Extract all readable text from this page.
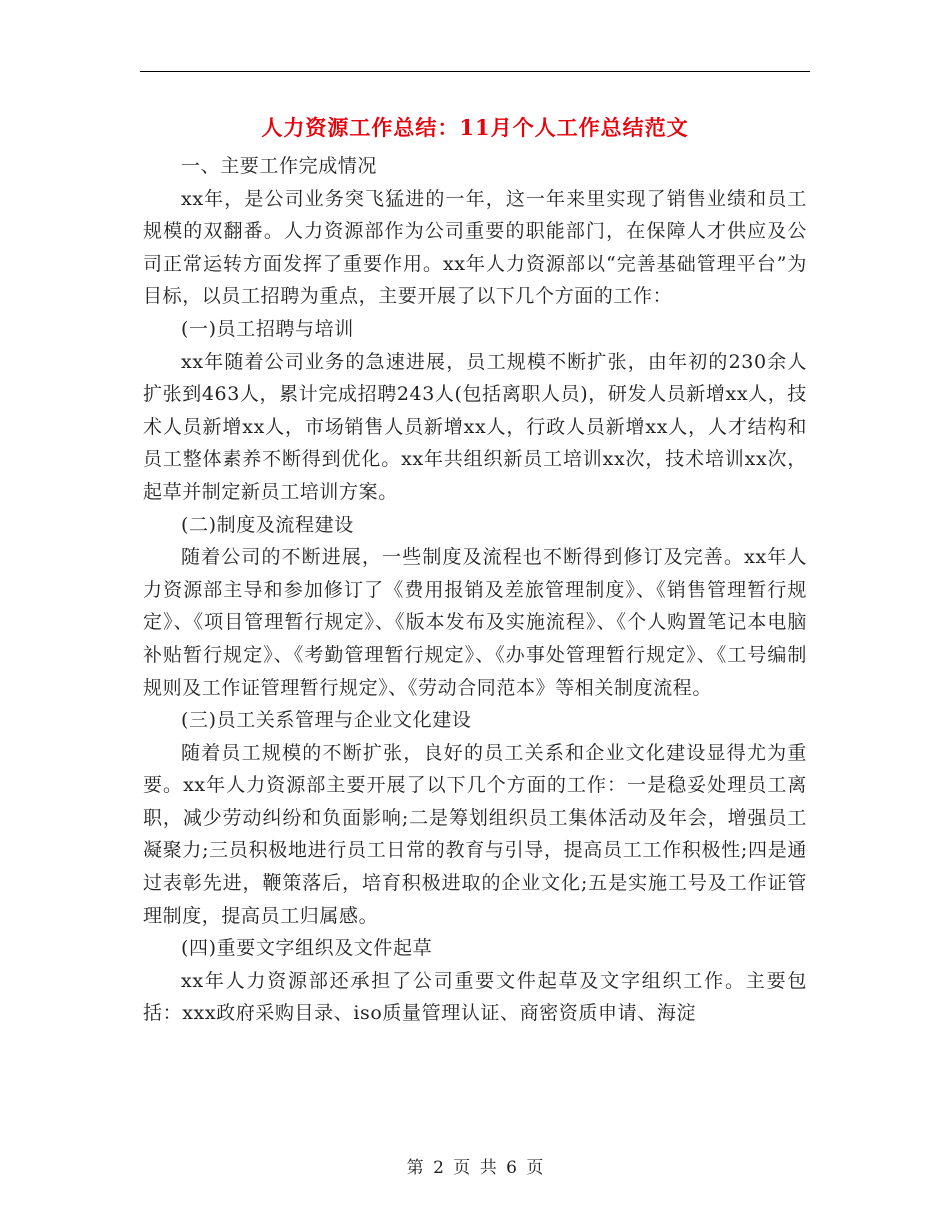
人力资源工作总结：11月个人工作总结范文

一、主要工作完成情况

xx年，是公司业务突飞猛进的一年，这一年来里实现了销售业绩和员工规模的双翻番。人力资源部作为公司重要的职能部门，在保障人才供应及公司正常运转方面发挥了重要作用。xx年人力资源部以“完善基础管理平台”为目标，以员工招聘为重点，主要开展了以下几个方面的工作：

(一)员工招聘与培训

xx年随着公司业务的急速进展，员工规模不断扩张，由年初的230余人扩张到463人，累计完成招聘243人(包括离职人员)，研发人员新增xx人，技术人员新增xx人，市场销售人员新增xx人，行政人员新增xx人，人才结构和员工整体素养不断得到优化。xx年共组织新员工培训xx次，技术培训xx次，起草并制定新员工培训方案。

(二)制度及流程建设

随着公司的不断进展，一些制度及流程也不断得到修订及完善。xx年人力资源部主导和参加修订了《费用报销及差旅管理制度》、《销售管理暂行规定》、《项目管理暂行规定》、《版本发布及实施流程》、《个人购置笔记本电脑补贴暂行规定》、《考勤管理暂行规定》、《办事处管理暂行规定》、《工号编制规则及工作证管理暂行规定》、《劳动合同范本》等相关制度流程。

(三)员工关系管理与企业文化建设

随着员工规模的不断扩张，良好的员工关系和企业文化建设显得尤为重要。xx年人力资源部主要开展了以下几个方面的工作：一是稳妥处理员工离职，减少劳动纠纷和负面影响;二是筹划组织员工集体活动及年会，增强员工凝聚力;三员积极地进行员工日常的教育与引导，提高员工工作积极性;四是通过表彰先进，鞭策落后，培育积极进取的企业文化;五是实施工号及工作证管理制度，提高员工归属感。

(四)重要文字组织及文件起草

xx年人力资源部还承担了公司重要文件起草及文字组织工作。主要包括：xxx政府采购目录、iso质量管理认证、商密资质申请、海淀

第 2 页 共 6 页
